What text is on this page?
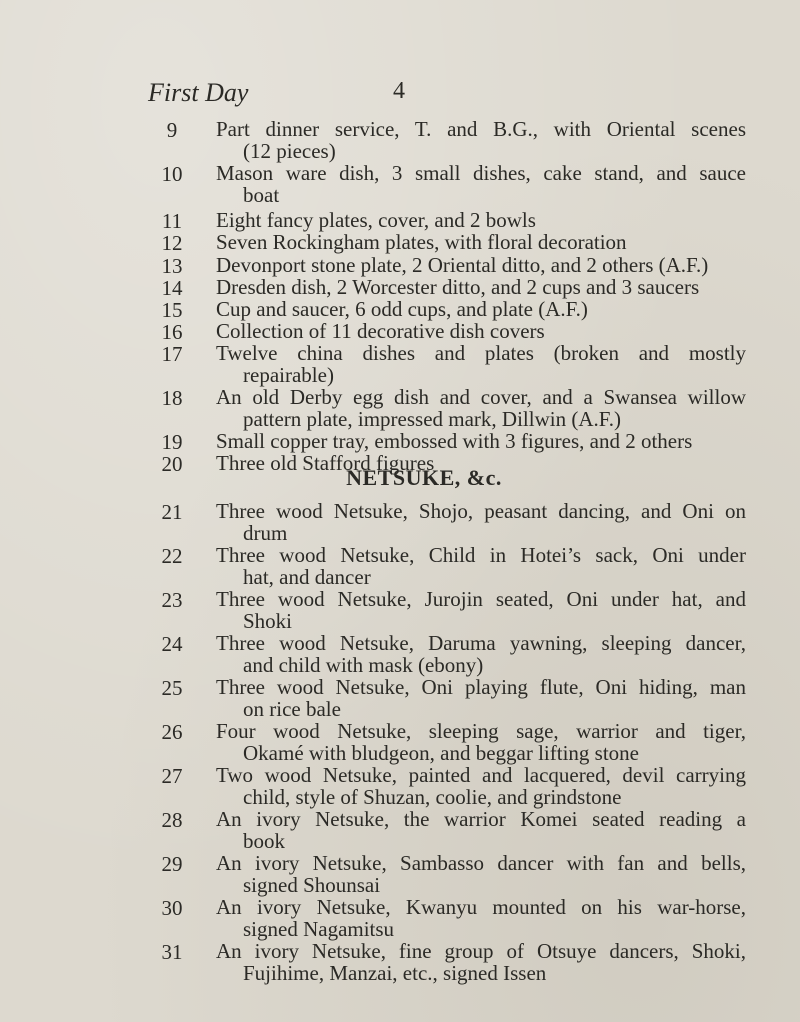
First Day	4
9	Part dinner service, T. and B.G., with Oriental scenes
(12 pieces)
10	Mason ware dish, 3 small dishes, cake stand, and sauce
boat
11	Eight fancy plates, cover, and 2 bowls
12	Seven Rockingham plates, with floral decoration
13	Devonport stone plate, 2 Oriental ditto, and 2 others (A.F.)
14	Dresden dish, 2 Worcester ditto, and 2 cups and 3 saucers
15	Cup and saucer, 6 odd cups, and plate (A.F.)
16	Collection of 11 decorative dish covers
17	Twelve china dishes and plates (broken and mostly
repairable)
18	An old Derby egg dish and cover, and a Swansea willow
pattern plate, impressed mark, Dillwin (A.F.)
19	Small copper tray, embossed with 3 figures, and 2 others
20	Three old Stafford figures
NETSUKE, &c.
21	Three wood Netsuke, Shojo, peasant dancing, and Oni on
drum
22	Three wood Netsuke, Child in Hotei’s sack, Oni under
hat, and dancer
23	Three wood Netsuke, Jurojin seated, Oni under hat, and
Shoki
24	Three wood Netsuke, Daruma yawning, sleeping dancer,
and child with mask (ebony)
25	Three wood Netsuke, Oni playing flute, Oni hiding, man
on rice bale
26	Four wood Netsuke, sleeping sage, warrior and tiger,
Okamé with bludgeon, and beggar lifting stone
27	Two wood Netsuke, painted and lacquered, devil carrying
child, style of Shuzan, coolie, and grindstone
28	An ivory Netsuke, the warrior Komei seated reading a
book
29	An ivory Netsuke, Sambasso dancer with fan and bells,
signed Shounsai
30	An ivory Netsuke, Kwanyu mounted on his war-horse,
signed Nagamitsu
31	An ivory Netsuke, fine group of Otsuye dancers, Shoki,
Fujihime, Manzai, etc., signed Issen
